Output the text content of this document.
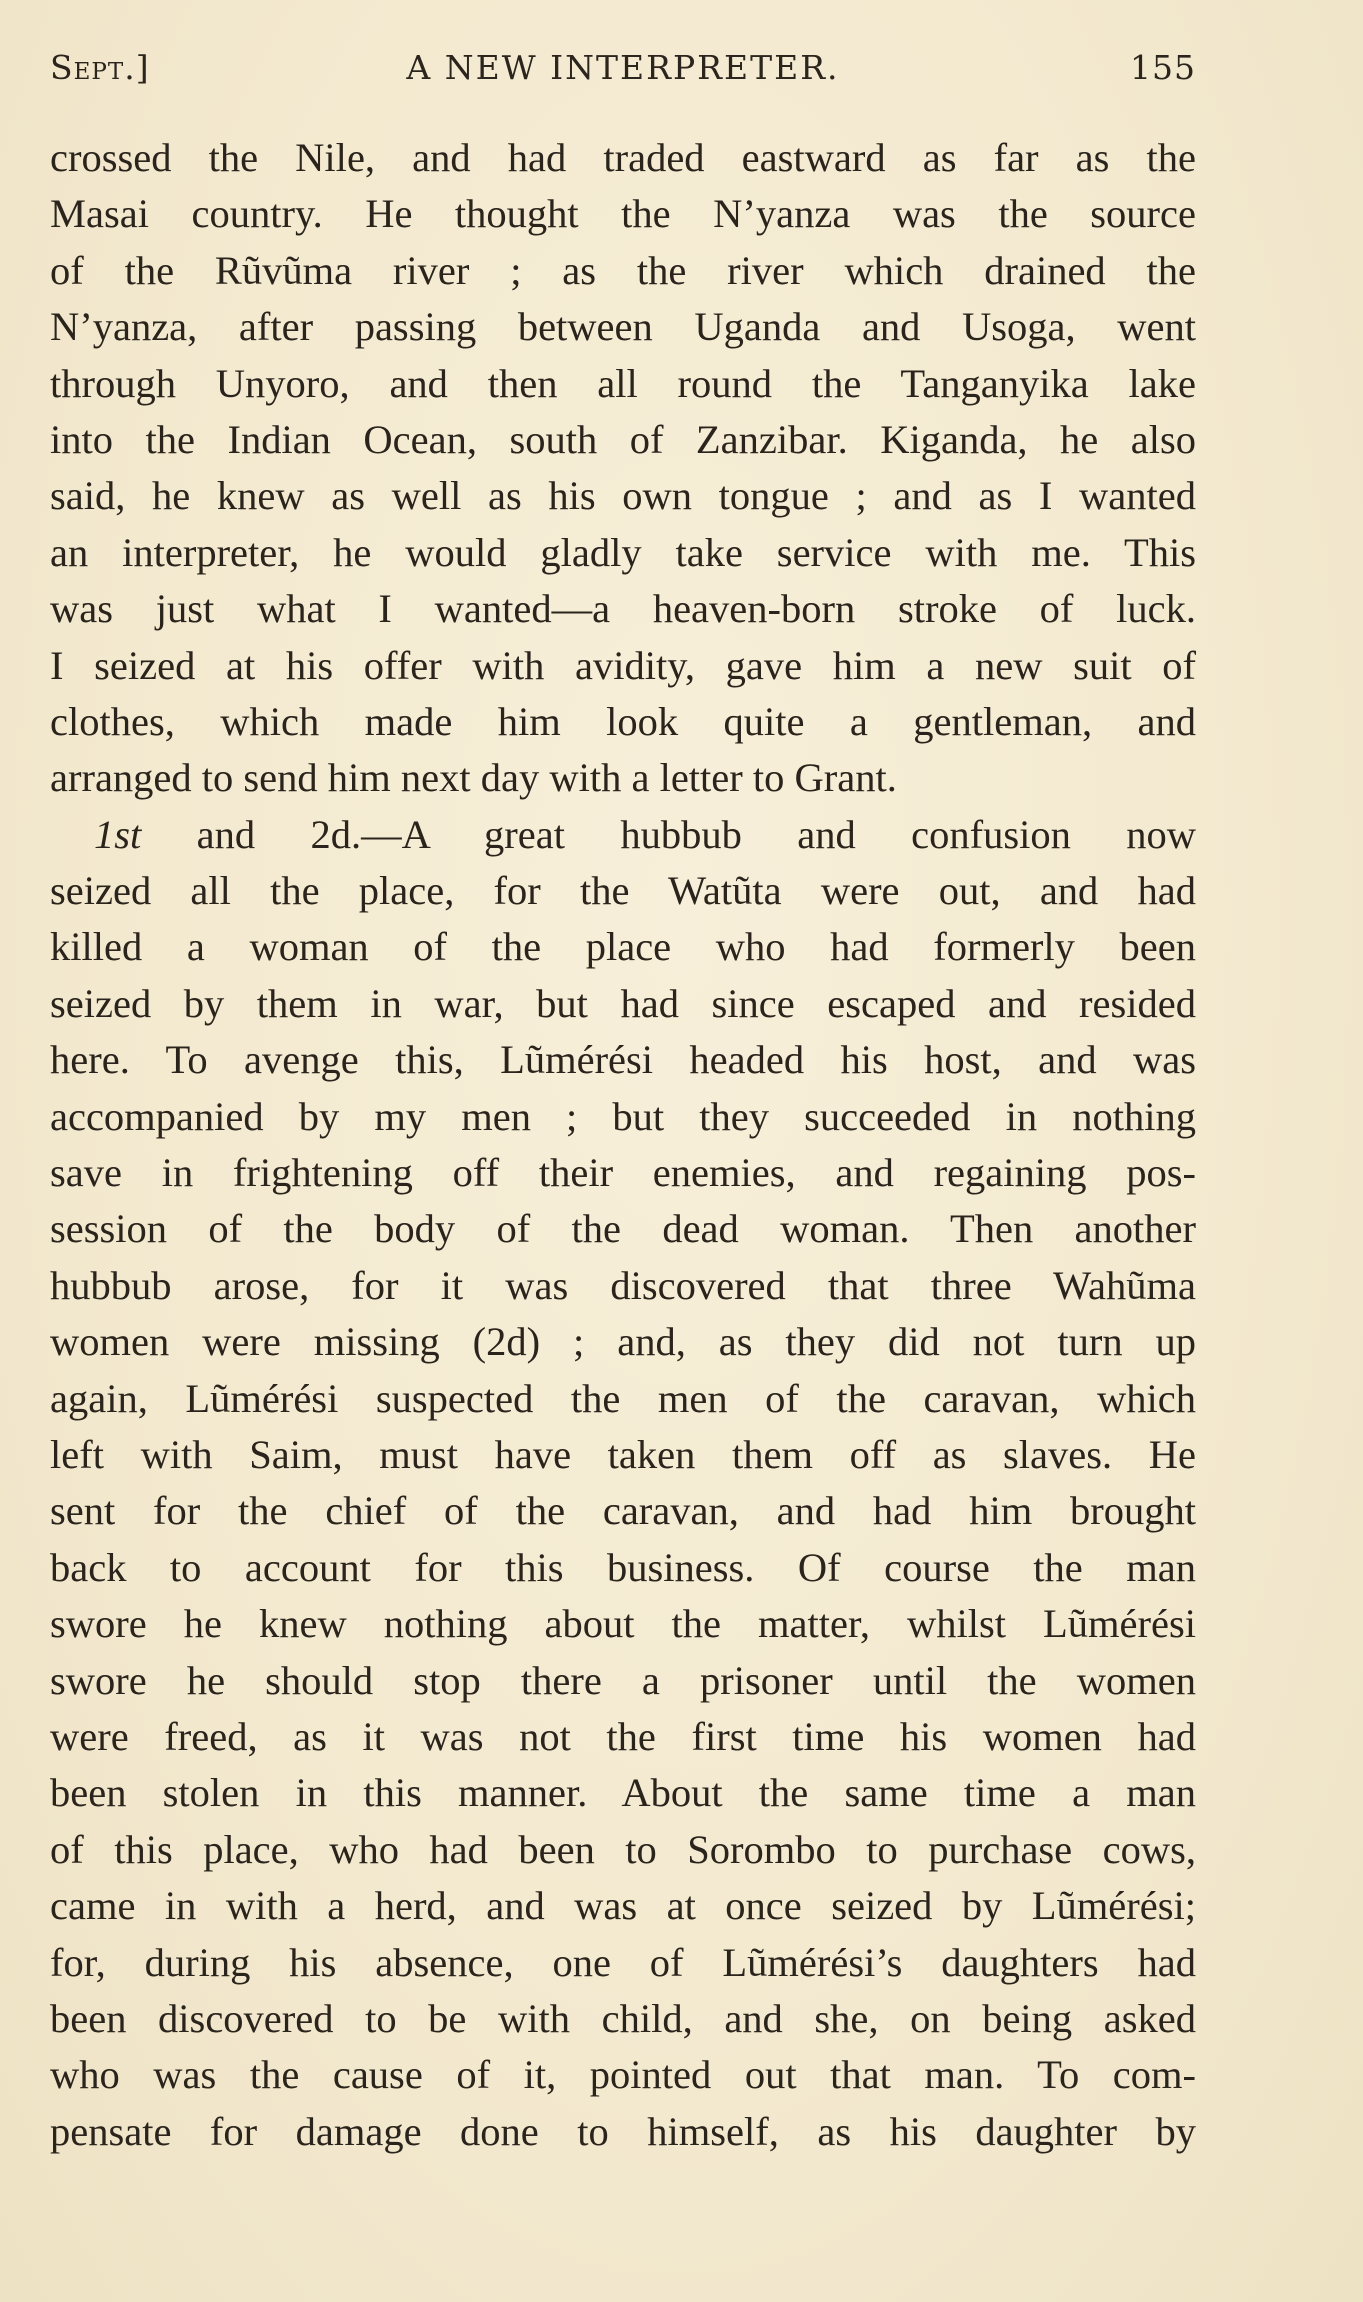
Sept.]	A NEW INTERPRETER.	155
crossed the Nile, and had traded eastward as far as the
Masai country. He thought the N’yanza was the source
of the Rũvũma river ; as the river which drained the
N’yanza, after passing between Uganda and Usoga, went
through Unyoro, and then all round the Tanganyika lake
into the Indian Ocean, south of Zanzibar. Kiganda, he also
said, he knew as well as his own tongue ; and as I wanted
an interpreter, he would gladly take service with me. This
was just what I wanted—a heaven-born stroke of luck.
I seized at his offer with avidity, gave him a new suit of
clothes, which made him look quite a gentleman, and
arranged to send him next day with a letter to Grant.
1st and 2d.—A great hubbub and confusion now
seized all the place, for the Watũta were out, and had
killed a woman of the place who had formerly been
seized by them in war, but had since escaped and resided
here. To avenge this, Lũmérési headed his host, and was
accompanied by my men ; but they succeeded in nothing
save in frightening off their enemies, and regaining pos-
session of the body of the dead woman. Then another
hubbub arose, for it was discovered that three Wahũma
women were missing (2d) ; and, as they did not turn up
again, Lũmérési suspected the men of the caravan, which
left with Saim, must have taken them off as slaves. He
sent for the chief of the caravan, and had him brought
back to account for this business. Of course the man
swore he knew nothing about the matter, whilst Lũmérési
swore he should stop there a prisoner until the women
were freed, as it was not the first time his women had
been stolen in this manner. About the same time a man
of this place, who had been to Sorombo to purchase cows,
came in with a herd, and was at once seized by Lũmérési;
for, during his absence, one of Lũmérési’s daughters had
been discovered to be with child, and she, on being asked
who was the cause of it, pointed out that man. To com-
pensate for damage done to himself, as his daughter by
